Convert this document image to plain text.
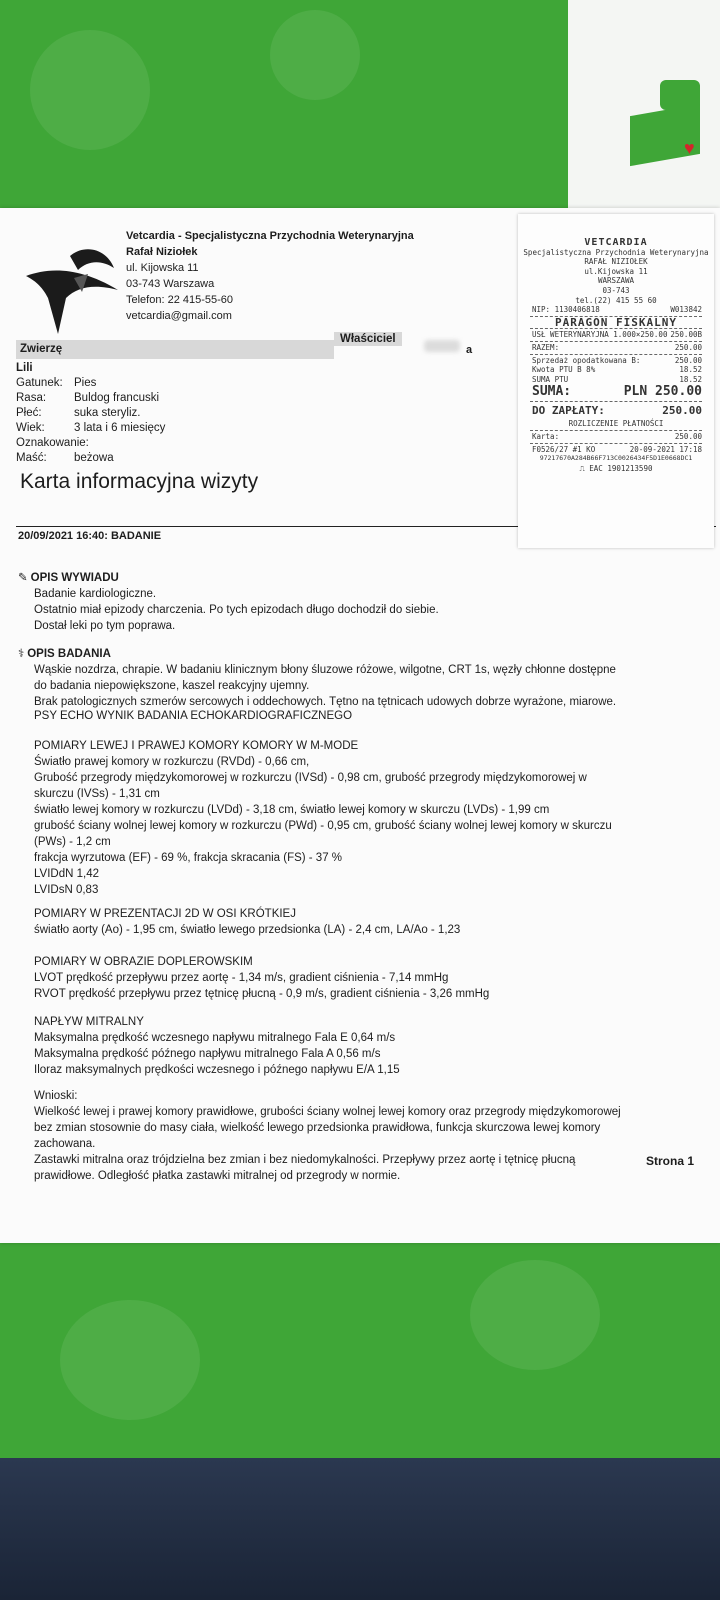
♥
Vetcardia - Specjalistyczna Przychodnia Weterynaryjna
Rafał Niziołek
ul. Kijowska 11
03-743 Warszawa
Telefon: 22 415-55-60
vetcardia@gmail.com
Właściciel
a
Zwierzę
Lili
Gatunek: Pies
Rasa:	Buldog francuski
Płeć:	suka steryliz.
Wiek:	3 lata i 6 miesięcy
Oznakowanie:
Maść:	beżowa
Karta informacyjna wizyty
20/09/2021 16:40: BADANIE
✎ OPIS WYWIADU
Badanie kardiologiczne.
Ostatnio miał epizody charczenia. Po tych epizodach długo dochodził do siebie.
Dostał leki po tym poprawa.
⚕ OPIS BADANIA
Wąskie nozdrza, chrapie. W badaniu klinicznym błony śluzowe różowe, wilgotne, CRT 1s, węzły chłonne dostępne
do badania niepowiększone, kaszel reakcyjny ujemny.
Brak patologicznych szmerów sercowych i oddechowych. Tętno na tętnicach udowych dobrze wyrażone, miarowe.
PSY ECHO WYNIK BADANIA ECHOKARDIOGRAFICZNEGO
POMIARY LEWEJ I PRAWEJ KOMORY KOMORY W M-MODE
Światło prawej komory w rozkurczu (RVDd) - 0,66 cm,
Grubość przegrody międzykomorowej w rozkurczu (IVSd) - 0,98 cm, grubość przegrody międzykomorowej w
skurczu (IVSs) - 1,31 cm
światło lewej komory w rozkurczu (LVDd) - 3,18 cm, światło lewej komory w skurczu (LVDs) - 1,99 cm
grubość ściany wolnej lewej komory w rozkurczu (PWd) - 0,95 cm, grubość ściany wolnej lewej komory w skurczu
(PWs) - 1,2 cm
frakcja wyrzutowa (EF) - 69 %, frakcja skracania (FS) - 37 %
LVIDdN 1,42
LVIDsN 0,83
POMIARY W PREZENTACJI 2D W OSI KRÓTKIEJ
światło aorty (Ao) - 1,95 cm, światło lewego przedsionka (LA) - 2,4 cm, LA/Ao - 1,23
POMIARY W OBRAZIE DOPLEROWSKIM
LVOT prędkość przepływu przez aortę - 1,34 m/s, gradient ciśnienia - 7,14 mmHg
RVOT prędkość przepływu przez tętnicę płucną - 0,9 m/s, gradient ciśnienia - 3,26 mmHg
NAPŁYW MITRALNY
Maksymalna prędkość wczesnego napływu mitralnego Fala E 0,64 m/s
Maksymalna prędkość późnego napływu mitralnego Fala A 0,56 m/s
Iloraz maksymalnych prędkości wczesnego i późnego napływu E/A 1,15
Wnioski:
Wielkość lewej i prawej komory prawidłowe, grubości ściany wolnej lewej komory oraz przegrody międzykomorowej
bez zmian stosownie do masy ciała, wielkość lewego przedsionka prawidłowa, funkcja skurczowa lewej komory
zachowana.
Zastawki mitralna oraz trójdzielna bez zmian i bez niedomykalności. Przepływy przez aortę i tętnicę płucną
prawidłowe. Odległość płatka zastawki mitralnej od przegrody w normie.
Strona 1
VETCARDIA
Specjalistyczna Przychodnia Weterynaryjna
RAFAŁ NIZIOŁEK
ul.Kijowska 11
WARSZAWA
03-743
tel.(22) 415 55 60
NIP: 1130406818	W013842
PARAGON FISKALNY
USŁ WETERYNARYJNA 1.000×250.00 250.00B
RAZEM:	250.00
Sprzedaż opodatkowana B:	250.00
Kwota PTU B 8%	18.52
SUMA PTU	18.52
SUMA:	PLN 250.00
DO ZAPŁATY:	250.00
ROZLICZENIE PŁATNOŚCI
Karta:	250.00
F0526/27 #1 KO	20-09-2021 17:18
97217670A284B66F713C0026434F5D1E0668DC1
⎍ EAC 1901213590
